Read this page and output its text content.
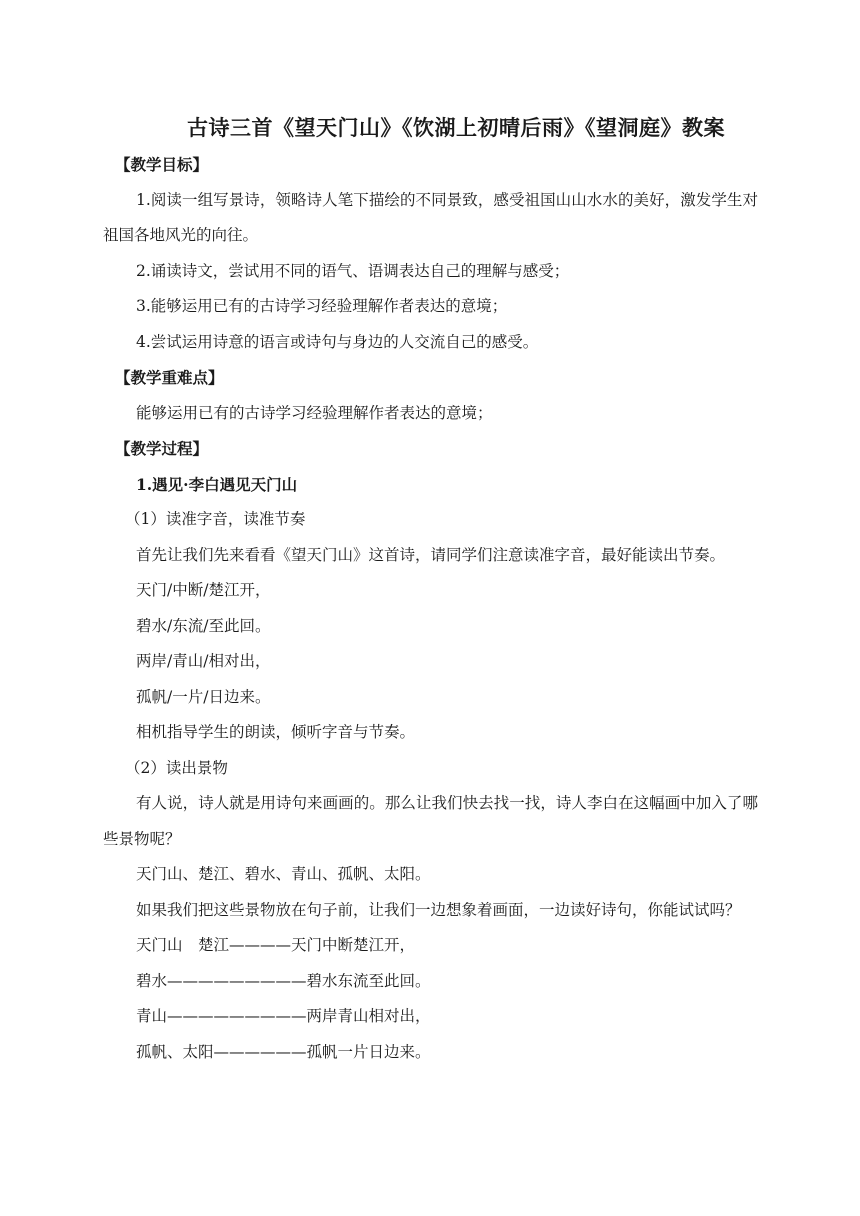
古诗三首《望天门山》《饮湖上初晴后雨》《望洞庭》教案

【教学目标】

1.阅读一组写景诗，领略诗人笔下描绘的不同景致，感受祖国山山水水的美好，激发学生对祖国各地风光的向往。

2.诵读诗文，尝试用不同的语气、语调表达自己的理解与感受；

3.能够运用已有的古诗学习经验理解作者表达的意境；

4.尝试运用诗意的语言或诗句与身边的人交流自己的感受。

【教学重难点】

能够运用已有的古诗学习经验理解作者表达的意境；

【教学过程】

1.遇见·李白遇见天门山

（1）读准字音，读准节奏

首先让我们先来看看《望天门山》这首诗，请同学们注意读准字音，最好能读出节奏。

天门/中断/楚江开，

碧水/东流/至此回。

两岸/青山/相对出，

孤帆/一片/日边来。

相机指导学生的朗读，倾听字音与节奏。

（2）读出景物

有人说，诗人就是用诗句来画画的。那么让我们快去找一找，诗人李白在这幅画中加入了哪些景物呢？

天门山、楚江、碧水、青山、孤帆、太阳。

如果我们把这些景物放在句子前，让我们一边想象着画面，一边读好诗句，你能试试吗？

天门山　楚江————天门中断楚江开，

碧水—————————碧水东流至此回。

青山—————————两岸青山相对出，

孤帆、太阳——————孤帆一片日边来。
